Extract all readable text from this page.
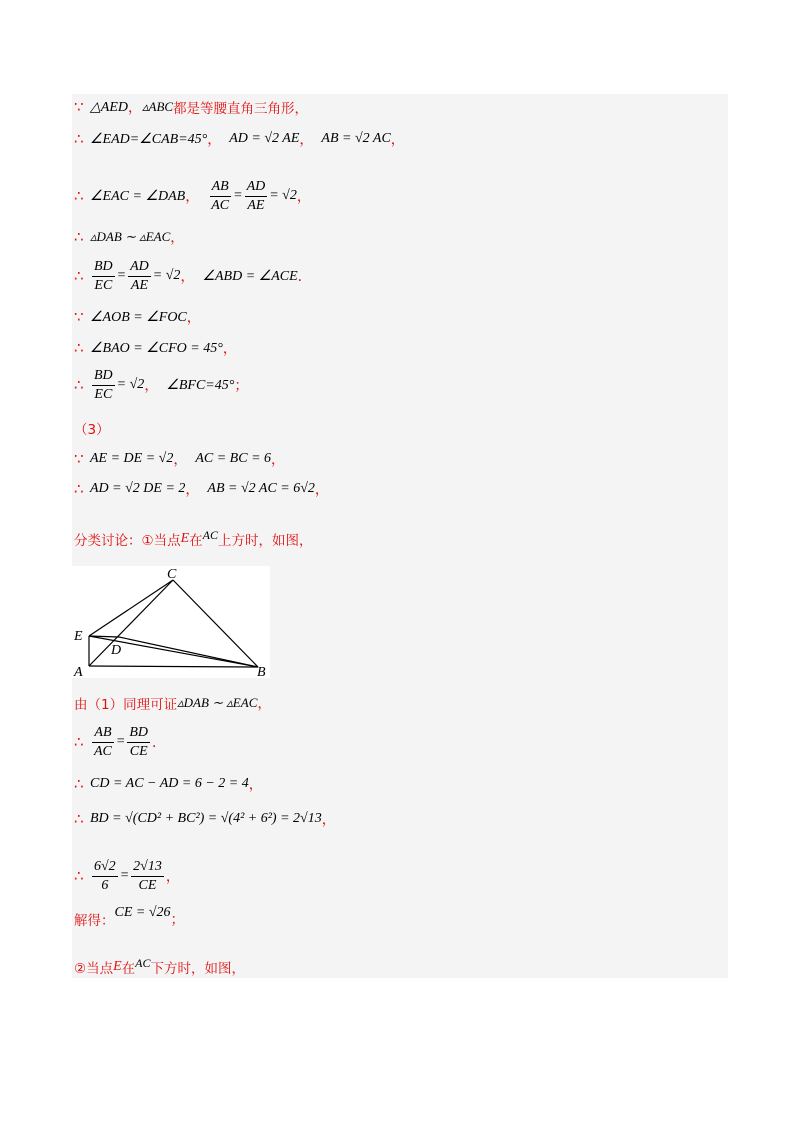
∵ △AED ， ▵ABC 都是等腰直角三角形，
∴ ∠EAD=∠CAB=45° ， AD = √2 AE ， AB = √2 AC ，
∴ ∠EAC = ∠DAB ， $\frac{AB}{AC} = \frac{AD}{AE} = √2$ ，
∴ ▵DAB ∼ ▵EAC ，
∴ $\frac{BD}{EC} = \frac{AD}{AE} = √2$ ， ∠ABD = ∠ACE ．
∵ ∠AOB = ∠FOC ，
∴ ∠BAO = ∠CFO = 45° ，
∴ $\frac{BD}{EC} = √2$ ， ∠BFC=45° ；
（3）
∵ AE = DE = √2 ， AC = BC = 6 ，
∴ AD = √2 DE = 2 ， AB = √2 AC = 6√2 ，
分类讨论：①当点 E 在 AC 上方时，如图，
C
E
D
A	B
由（1）同理可证 ▵DAB ∼ ▵EAC ，
∴ $\frac{AB}{AC} = \frac{BD}{CE}$ ．
∴ CD = AC − AD = 6 − 2 = 4 ，
∴ BD = √(CD² + BC²) = √(4² + 6²) = 2√13 ，
∴ $\frac{6√2}{6} = \frac{2√13}{CE}$ ，
解得：
CE = √26 ；
②当点 E 在 AC 下方时，如图，
